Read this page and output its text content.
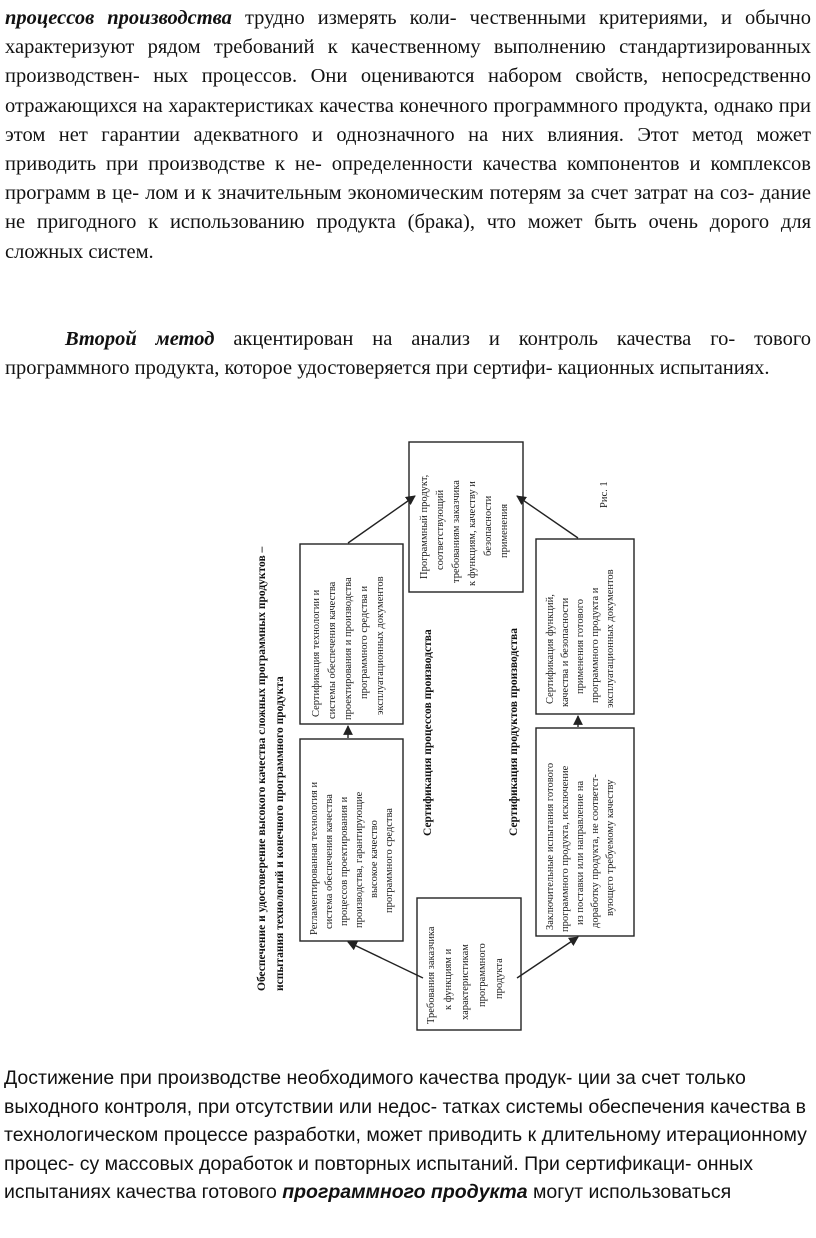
процессов производства трудно измерять коли- чественными критериями, и обычно характеризуют рядом требований к качественному выполнению стандартизированных производствен- ных процессов. Они оцениваются набором свойств, непосредственно отражающихся на характеристиках качества конечного программного продукта, однако при этом нет гарантии адекватного и однозначного на них влияния. Этот метод может приводить при производстве к не- определенности качества компонентов и комплексов программ в це- лом и к значительным экономическим потерям за счет затрат на соз- дание не пригодного к использованию продукта (брака), что может быть очень дорого для сложных систем.

Второй метод акцентирован на анализ и контроль качества го- тового программного продукта, которое удостоверяется при сертифи- кационных испытаниях.

Обеспечение и удостоверение высокого качества сложных программных продуктов – испытания технологий и конечного программного продукта	Сертификация процессов производства	Сертификация продуктов производства
Рис. 1
Требования заказчика к функциям и характеристикам программного продукта
Регламентированная технология и система обеспечения качества процессов проектирования и производства, гарантирующие высокое качество программного средства
Сертификация технологии и системы обеспечения качества проектирования и производства программного средства и эксплуатационных документов
Программный продукт, соответствующий требованиям заказчика к функциям, качеству и безопасности применения
Заключительные испытания готового программного продукта, исключение из поставки или направление на доработку продукта, не соответст- вующего требуемому качеству
Сертификация функций, качества и безопасности применения готового программного продукта и эксплуатационных документов

Достижение при производстве необходимого качества продук- ции за счет только выходного контроля, при отсутствии или недос- татках системы обеспечения качества в технологическом процессе разработки, может приводить к длительному итерационному процес- су массовых доработок и повторных испытаний. При сертификаци- онных испытаниях качества готового программного продукта могут использоваться
